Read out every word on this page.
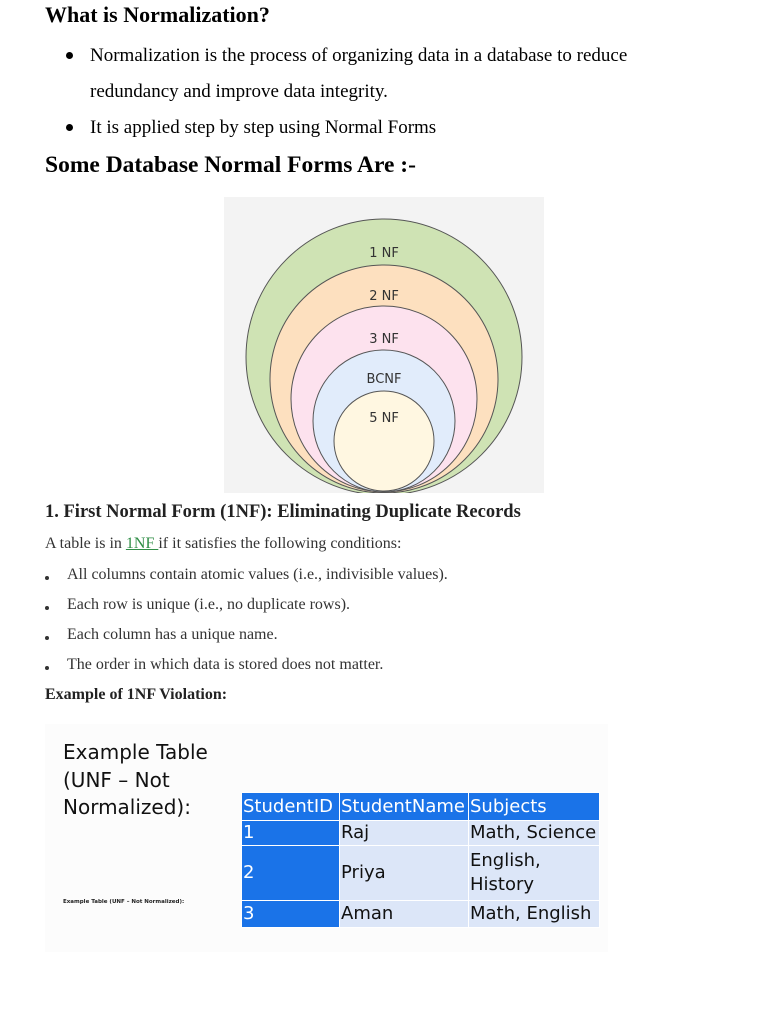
What is Normalization?
Normalization is the process of organizing data in a database to reduce
redundancy and improve data integrity.
It is applied step by step using Normal Forms
Some Database Normal Forms Are :-
1 NF
2 NF
3 NF
BCNF
5 NF
1. First Normal Form (1NF): Eliminating Duplicate Records
A table is in 1NF if it satisfies the following conditions:
All columns contain atomic values (i.e., indivisible values).
Each row is unique (i.e., no duplicate rows).
Each column has a unique name.
The order in which data is stored does not matter.
Example of 1NF Violation:
Example Table (UNF – Not Normalized):
Example Table (UNF – Not Normalized):
StudentID	StudentName	Subjects
1	Raj	Math, Science
2	Priya	English, History
3	Aman	Math, English
